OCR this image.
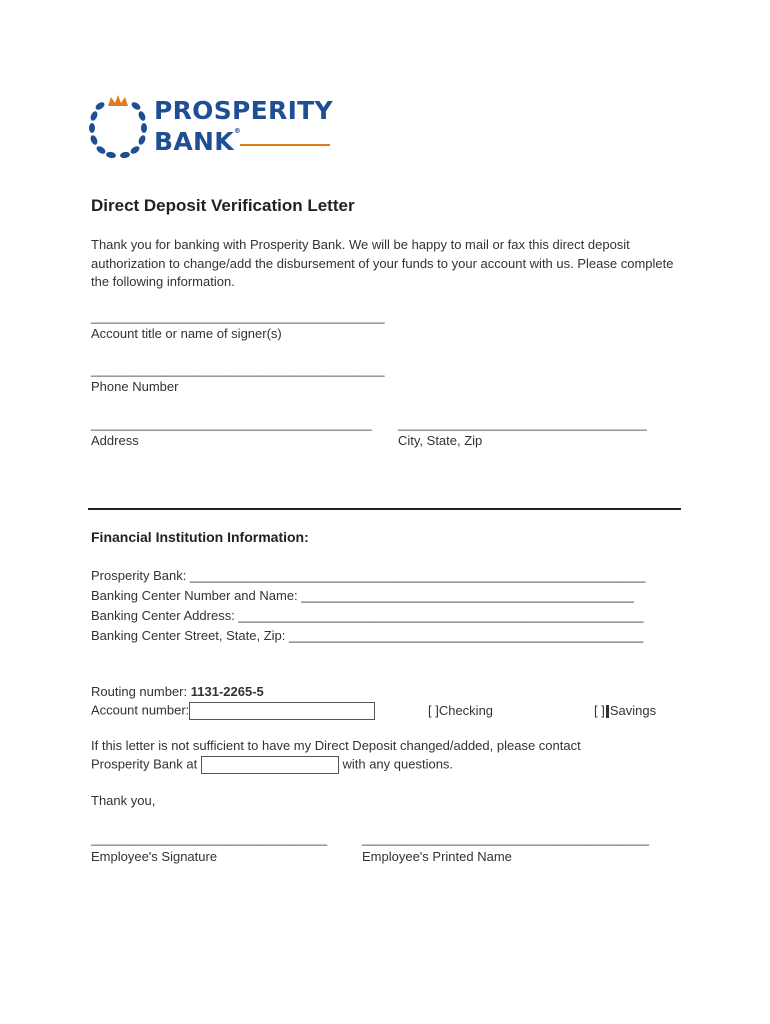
PROSPERITY
BANK®
Direct Deposit Verification Letter
Thank you for banking with Prosperity Bank. We will be happy to mail or fax this direct deposit authorization to change/add the disbursement of your funds to your account with us. Please complete the following information.
______________________________________________
Account title or name of signer(s)
______________________________________________
Phone Number
____________________________________________ _______________________________________
Address	City, State, Zip
Financial Institution Information:
Prosperity Bank: _______________________________________________________________
Banking Center Number and Name: ______________________________________________
Banking Center Address: ________________________________________________________
Banking Center Street, State, Zip: _________________________________________________
Routing number: 1131-2265-5
Account number:	[ ]Checking	[ ] Savings
If this letter is not sufficient to have my Direct Deposit changed/added, please contact
Prosperity Bank at	with any questions.
Thank you,
_____________________________________	_____________________________________________
Employee's Signature	Employee's Printed Name
